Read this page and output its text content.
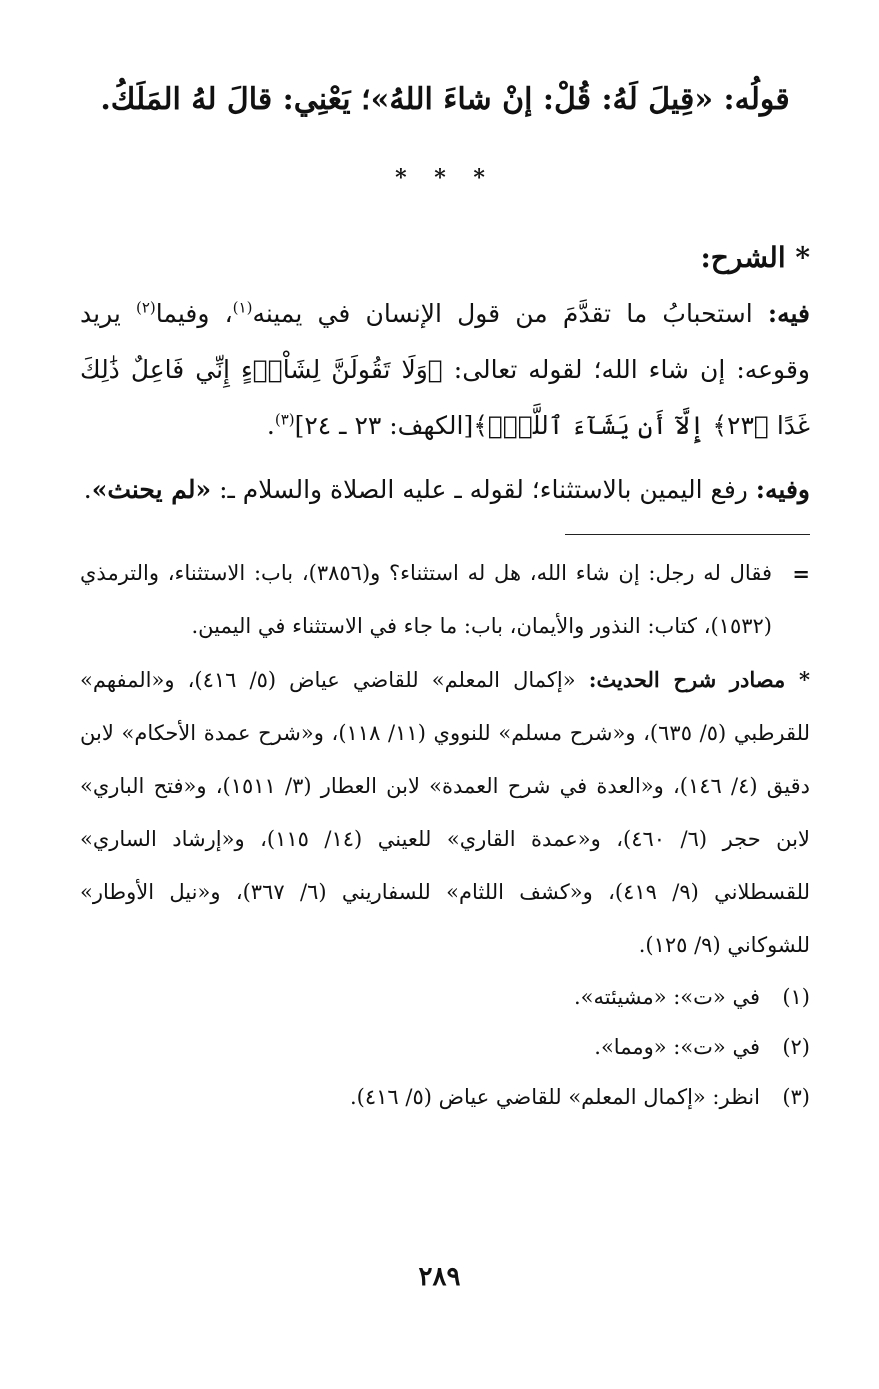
قولُه: «قِيلَ لَهُ: قُلْ: إنْ شاءَ اللهُ»؛ يَعْنِي: قالَ لهُ المَلَكُ.

* * *
* الشرح:

فيه: استحبابُ ما تقدَّمَ من قول الإنسان في يمينه$^{(١)}$، وفيما$^{(٢)}$ يريد وقوعه: إن شاء الله؛ لقوله تعالى: ﴿وَلَا تَقُولَنَّ لِشَاْىۡءٍ إِنِّي فَاعِلٌ ذَٰلِكَ غَدًا ﴿٢٣﴾ إِلَّآ أَن يَشَآءَ ٱللَّهُۚ﴾[الكهف: ٢٣ ـ ٢٤]$^{(٣)}$.

وفيه: رفع اليمين بالاستثناء؛ لقوله ـ عليه الصلاة والسلام ـ: «لم يحنث».

=
فقال له رجل: إن شاء الله، هل له استثناء؟ و(٣٨٥٦)، باب: الاستثناء، والترمذي (١٥٣٢)، كتاب: النذور والأيمان، باب: ما جاء في الاستثناء في اليمين.
* مصادر شرح الحديث: «إكمال المعلم» للقاضي عياض (٥/ ٤١٦)، و«المفهم» للقرطبي (٥/ ٦٣٥)، و«شرح مسلم» للنووي (١١/ ١١٨)، و«شرح عمدة الأحكام» لابن دقيق (٤/ ١٤٦)، و«العدة في شرح العمدة» لابن العطار (٣/ ١٥١١)، و«فتح الباري» لابن حجر (٦/ ٤٦٠)، و«عمدة القاري» للعيني (١٤/ ١١٥)، و«إرشاد الساري» للقسطلاني (٩/ ٤١٩)، و«كشف اللثام» للسفاريني (٦/ ٣٦٧)، و«نيل الأوطار» للشوكاني (٩/ ١٢٥).
(١)
في «ت»: «مشيئته».
(٢)
في «ت»: «ومما».
(٣)
انظر: «إكمال المعلم» للقاضي عياض (٥/ ٤١٦).
٢٨٩
